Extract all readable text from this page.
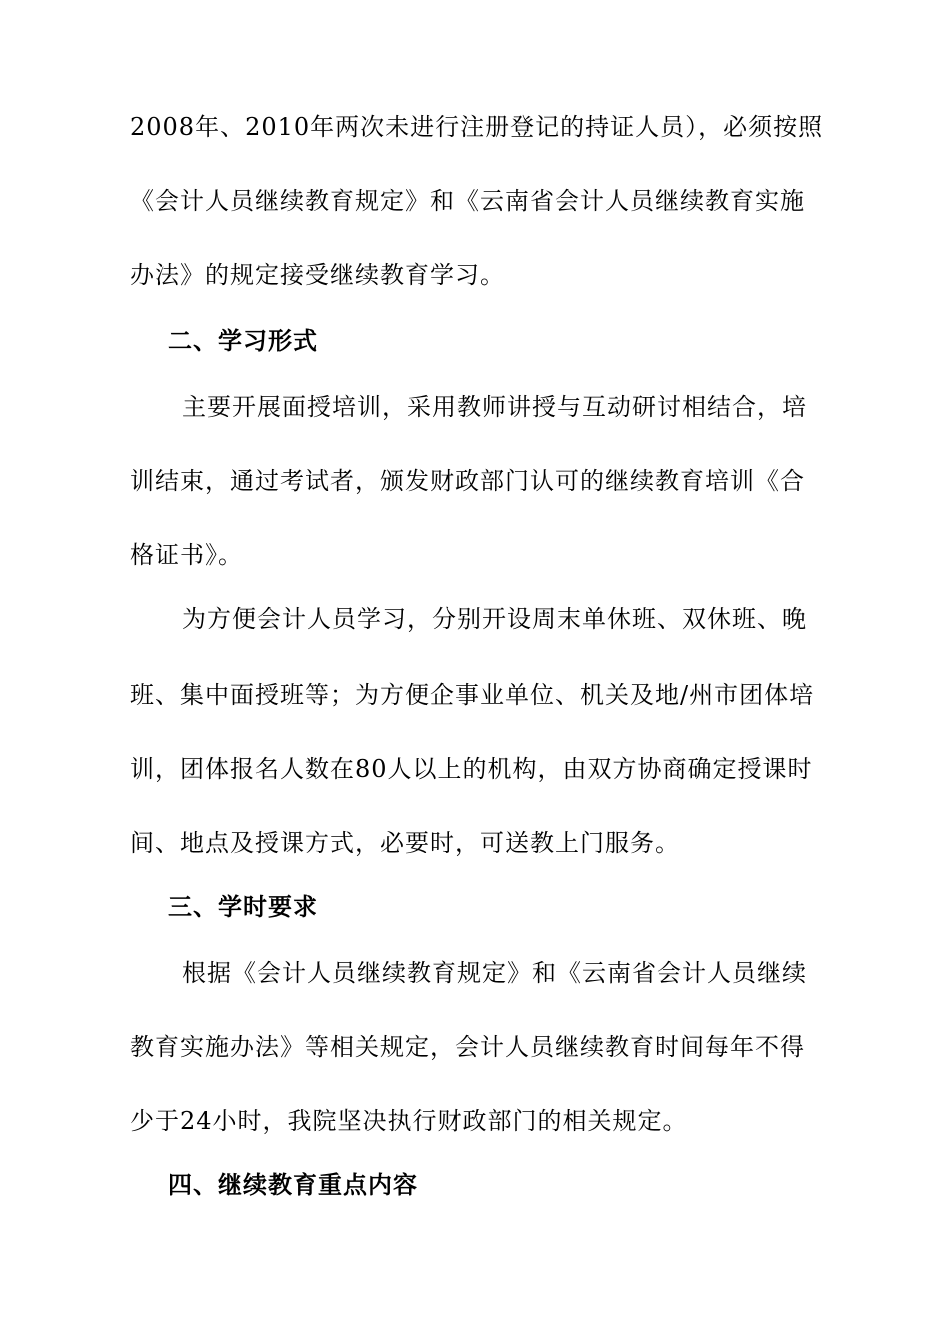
2008年、2010年两次未进行注册登记的持证人员），必须按照
《会计人员继续教育规定》和《云南省会计人员继续教育实施
办法》的规定接受继续教育学习。
二、学习形式
主要开展面授培训，采用教师讲授与互动研讨相结合，培
训结束，通过考试者，颁发财政部门认可的继续教育培训《合
格证书》。
为方便会计人员学习，分别开设周末单休班、双休班、晚
班、集中面授班等；为方便企事业单位、机关及地/州市团体培
训，团体报名人数在80人以上的机构，由双方协商确定授课时
间、地点及授课方式，必要时，可送教上门服务。
三、学时要求
根据《会计人员继续教育规定》和《云南省会计人员继续
教育实施办法》等相关规定，会计人员继续教育时间每年不得
少于24小时，我院坚决执行财政部门的相关规定。
四、继续教育重点内容
